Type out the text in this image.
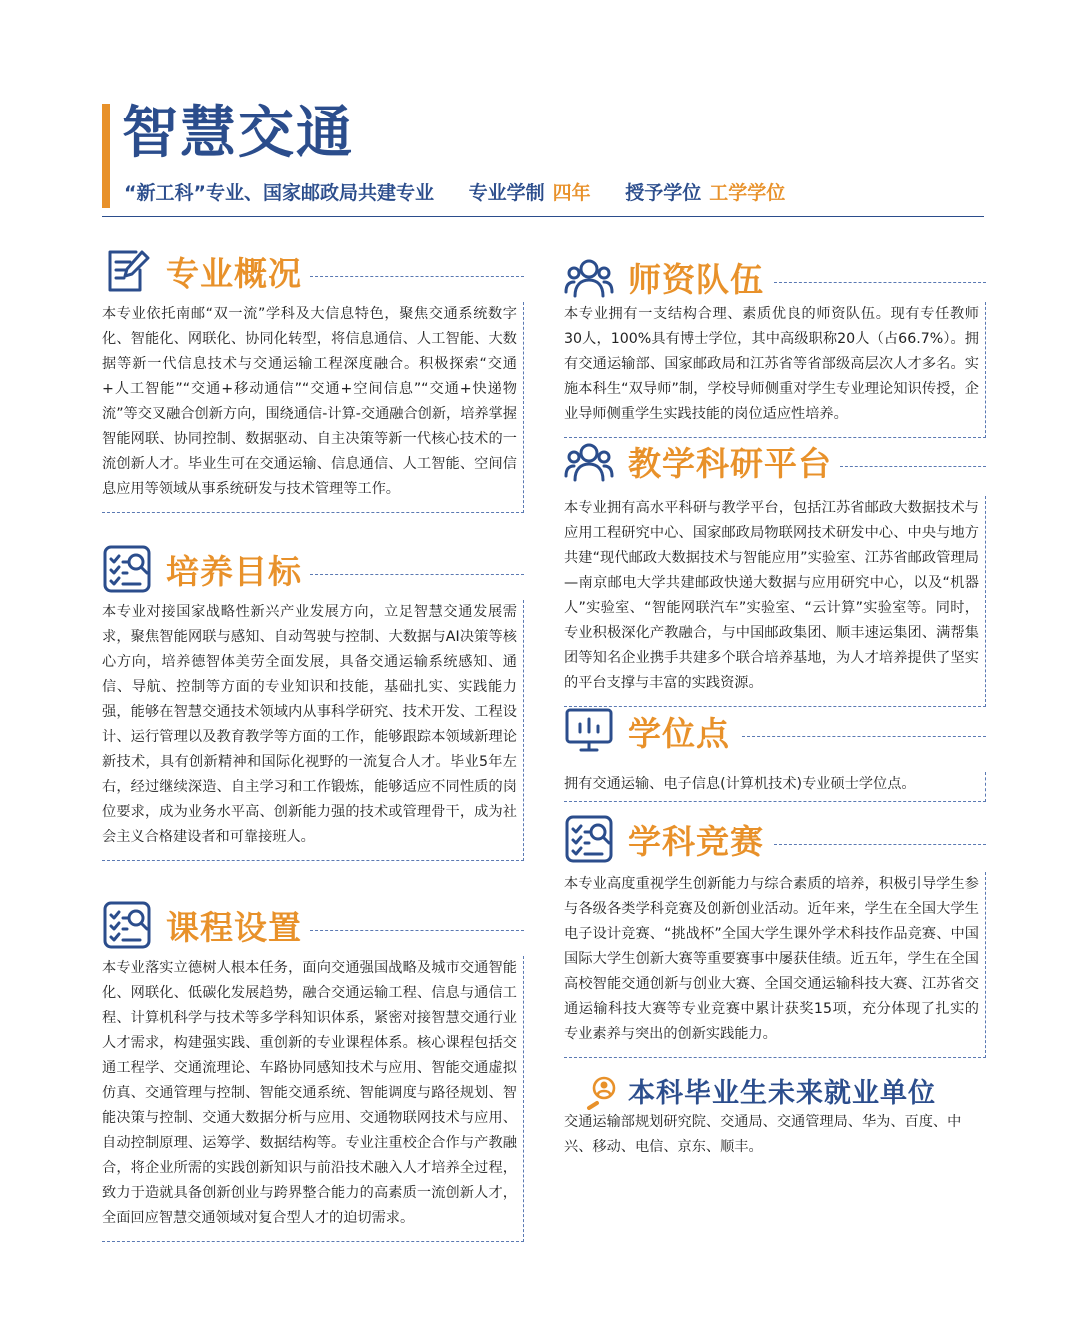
智慧交通
“新工科”专业、国家邮政局共建专业 专业学制 四年 授予学位 工学学位
专业概况

本专业依托南邮“双一流”学科及大信息特色，聚焦交通系统数字化、智能化、网联化、协同化转型，将信息通信、人工智能、大数据等新一代信息技术与交通运输工程深度融合。积极探索“交通+人工智能”“交通+移动通信”“交通+空间信息”“交通+快递物流”等交叉融合创新方向，围绕通信-计算-交通融合创新，培养掌握智能网联、协同控制、数据驱动、自主决策等新一代核心技术的一流创新人才。毕业生可在交通运输、信息通信、人工智能、空间信息应用等领域从事系统研发与技术管理等工作。

培养目标

本专业对接国家战略性新兴产业发展方向，立足智慧交通发展需求，聚焦智能网联与感知、自动驾驶与控制、大数据与AI决策等核心方向，培养德智体美劳全面发展，具备交通运输系统感知、通信、导航、控制等方面的专业知识和技能，基础扎实、实践能力强，能够在智慧交通技术领域内从事科学研究、技术开发、工程设计、运行管理以及教育教学等方面的工作，能够跟踪本领域新理论新技术，具有创新精神和国际化视野的一流复合人才。毕业5年左右，经过继续深造、自主学习和工作锻炼，能够适应不同性质的岗位要求，成为业务水平高、创新能力强的技术或管理骨干，成为社会主义合格建设者和可靠接班人。

课程设置

本专业落实立德树人根本任务，面向交通强国战略及城市交通智能化、网联化、低碳化发展趋势，融合交通运输工程、信息与通信工程、计算机科学与技术等多学科知识体系，紧密对接智慧交通行业人才需求，构建强实践、重创新的专业课程体系。核心课程包括交通工程学、交通流理论、车路协同感知技术与应用、智能交通虚拟仿真、交通管理与控制、智能交通系统、智能调度与路径规划、智能决策与控制、交通大数据分析与应用、交通物联网技术与应用、自动控制原理、运筹学、数据结构等。专业注重校企合作与产教融合，将企业所需的实践创新知识与前沿技术融入人才培养全过程，致力于造就具备创新创业与跨界整合能力的高素质一流创新人才，全面回应智慧交通领域对复合型人才的迫切需求。

师资队伍

本专业拥有一支结构合理、素质优良的师资队伍。现有专任教师30人，100%具有博士学位，其中高级职称20人（占66.7%）。拥有交通运输部、国家邮政局和江苏省等省部级高层次人才多名。实施本科生“双导师”制，学校导师侧重对学生专业理论知识传授，企业导师侧重学生实践技能的岗位适应性培养。

教学科研平台

本专业拥有高水平科研与教学平台，包括江苏省邮政大数据技术与应用工程研究中心、国家邮政局物联网技术研发中心、中央与地方共建“现代邮政大数据技术与智能应用”实验室、江苏省邮政管理局—南京邮电大学共建邮政快递大数据与应用研究中心，以及“机器人”实验室、“智能网联汽车”实验室、“云计算”实验室等。同时，专业积极深化产教融合，与中国邮政集团、顺丰速运集团、满帮集团等知名企业携手共建多个联合培养基地，为人才培养提供了坚实的平台支撑与丰富的实践资源。

学位点

拥有交通运输、电子信息(计算机技术)专业硕士学位点。

学科竞赛

本专业高度重视学生创新能力与综合素质的培养，积极引导学生参与各级各类学科竞赛及创新创业活动。近年来，学生在全国大学生电子设计竞赛、“挑战杯”全国大学生课外学术科技作品竞赛、中国国际大学生创新大赛等重要赛事中屡获佳绩。近五年，学生在全国高校智能交通创新与创业大赛、全国交通运输科技大赛、江苏省交通运输科技大赛等专业竞赛中累计获奖15项，充分体现了扎实的专业素养与突出的创新实践能力。

本科毕业生未来就业单位

交通运输部规划研究院、交通局、交通管理局、华为、百度、中兴、移动、电信、京东、顺丰。
